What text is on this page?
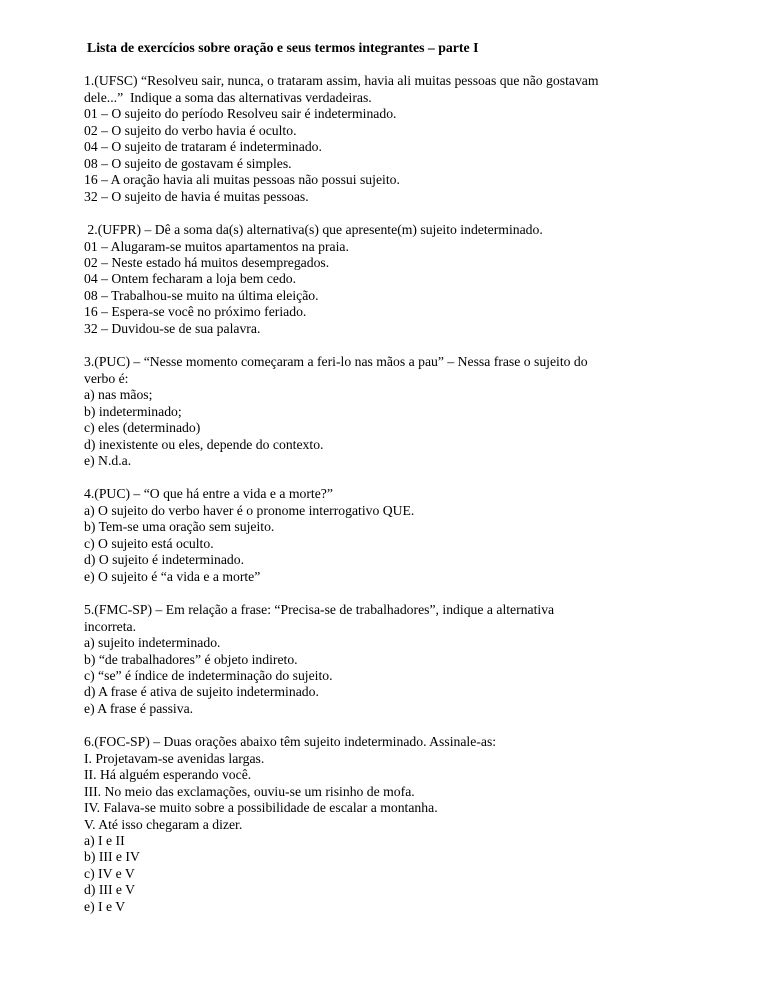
Lista de exercícios sobre oração e seus termos integrantes – parte I
1.(UFSC) “Resolveu sair, nunca, o trataram assim, havia ali muitas pessoas que não gostavam
dele...”  Indique a soma das alternativas verdadeiras.
01 – O sujeito do período Resolveu sair é indeterminado.
02 – O sujeito do verbo havia é oculto.
04 – O sujeito de trataram é indeterminado.
08 – O sujeito de gostavam é simples.
16 – A oração havia ali muitas pessoas não possui sujeito.
32 – O sujeito de havia é muitas pessoas.
2.(UFPR) – Dê a soma da(s) alternativa(s) que apresente(m) sujeito indeterminado.
01 – Alugaram-se muitos apartamentos na praia.
02 – Neste estado há muitos desempregados.
04 – Ontem fecharam a loja bem cedo.
08 – Trabalhou-se muito na última eleição.
16 – Espera-se você no próximo feriado.
32 – Duvidou-se de sua palavra.
3.(PUC) – “Nesse momento começaram a feri-lo nas mãos a pau” – Nessa frase o sujeito do
verbo é:
a) nas mãos;
b) indeterminado;
c) eles (determinado)
d) inexistente ou eles, depende do contexto.
e) N.d.a.
4.(PUC) – “O que há entre a vida e a morte?”
a) O sujeito do verbo haver é o pronome interrogativo QUE.
b) Tem-se uma oração sem sujeito.
c) O sujeito está oculto.
d) O sujeito é indeterminado.
e) O sujeito é “a vida e a morte”
5.(FMC-SP) – Em relação a frase: “Precisa-se de trabalhadores”, indique a alternativa
incorreta.
a) sujeito indeterminado.
b) “de trabalhadores” é objeto indireto.
c) “se” é índice de indeterminação do sujeito.
d) A frase é ativa de sujeito indeterminado.
e) A frase é passiva.
6.(FOC-SP) – Duas orações abaixo têm sujeito indeterminado. Assinale-as:
I. Projetavam-se avenidas largas.
II. Há alguém esperando você.
III. No meio das exclamações, ouviu-se um risinho de mofa.
IV. Falava-se muito sobre a possibilidade de escalar a montanha.
V. Até isso chegaram a dizer.
a) I e II
b) III e IV
c) IV e V
d) III e V
e) I e V
